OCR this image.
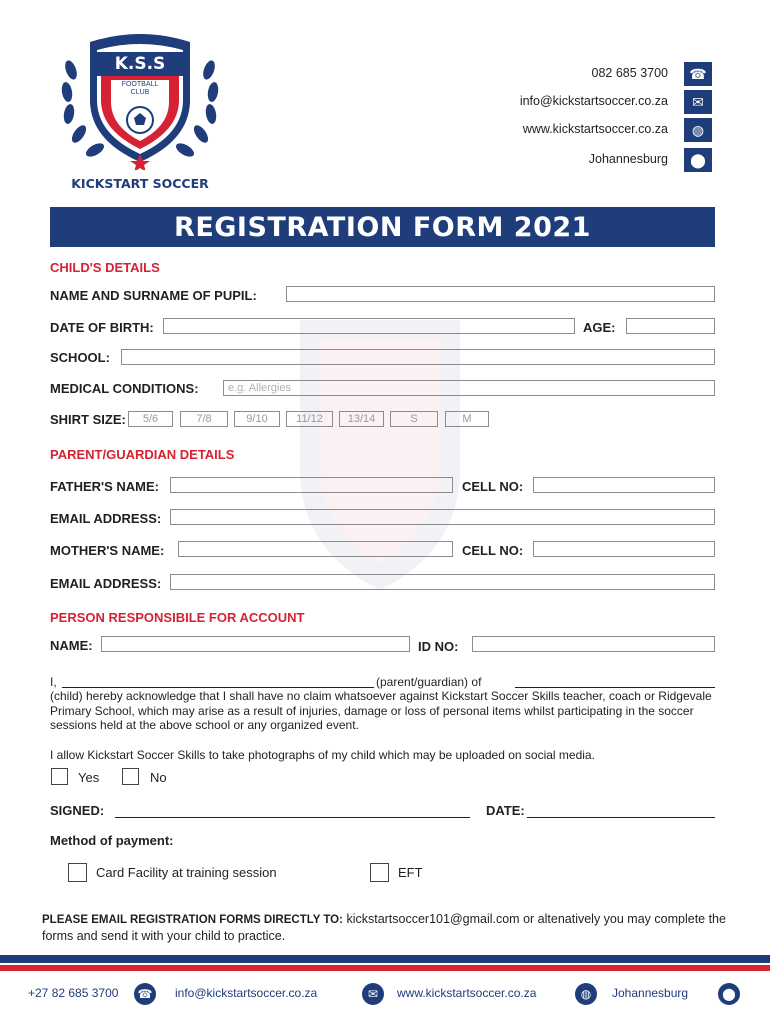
K.S.S
FOOTBALL
CLUB
KICKSTART SOCCER
082 685 3700	☎
info@kickstartsoccer.co.za	✉
www.kickstartsoccer.co.za	◍
Johannesburg	⬤
REGISTRATION FORM 2021
CHILD'S DETAILS
NAME AND SURNAME OF PUPIL:
DATE OF BIRTH:	AGE:
SCHOOL:
MEDICAL CONDITIONS:	e.g. Allergies
SHIRT SIZE:	5/6	7/8	9/10	11/12	13/14	S	M
PARENT/GUARDIAN DETAILS
FATHER'S NAME:	CELL NO:
EMAIL ADDRESS:
MOTHER'S NAME:	CELL NO:
EMAIL ADDRESS:
PERSON RESPONSIBILE FOR ACCOUNT
NAME:	ID NO:
I,	(parent/guardian) of
(child) hereby acknowledge that I shall have no claim whatsoever against Kickstart Soccer Skills teacher, coach or Ridgevale Primary School, which may arise as a result of injuries, damage or loss of personal items whilst participating in the soccer sessions held at the above school or any organized event.
I allow Kickstart Soccer Skills to take photographs of my child which may be uploaded on social media.
Yes	No
SIGNED:	DATE:
Method of payment:
Card Facility at training session	EFT
PLEASE EMAIL REGISTRATION FORMS DIRECTLY TO: kickstartsoccer101@gmail.com or altenatively you may complete the forms and send it with your child to practice.
+27 82 685 3700 ☎ info@kickstartsoccer.co.za	✉	www.kickstartsoccer.co.za	◍	Johannesburg	⬤
